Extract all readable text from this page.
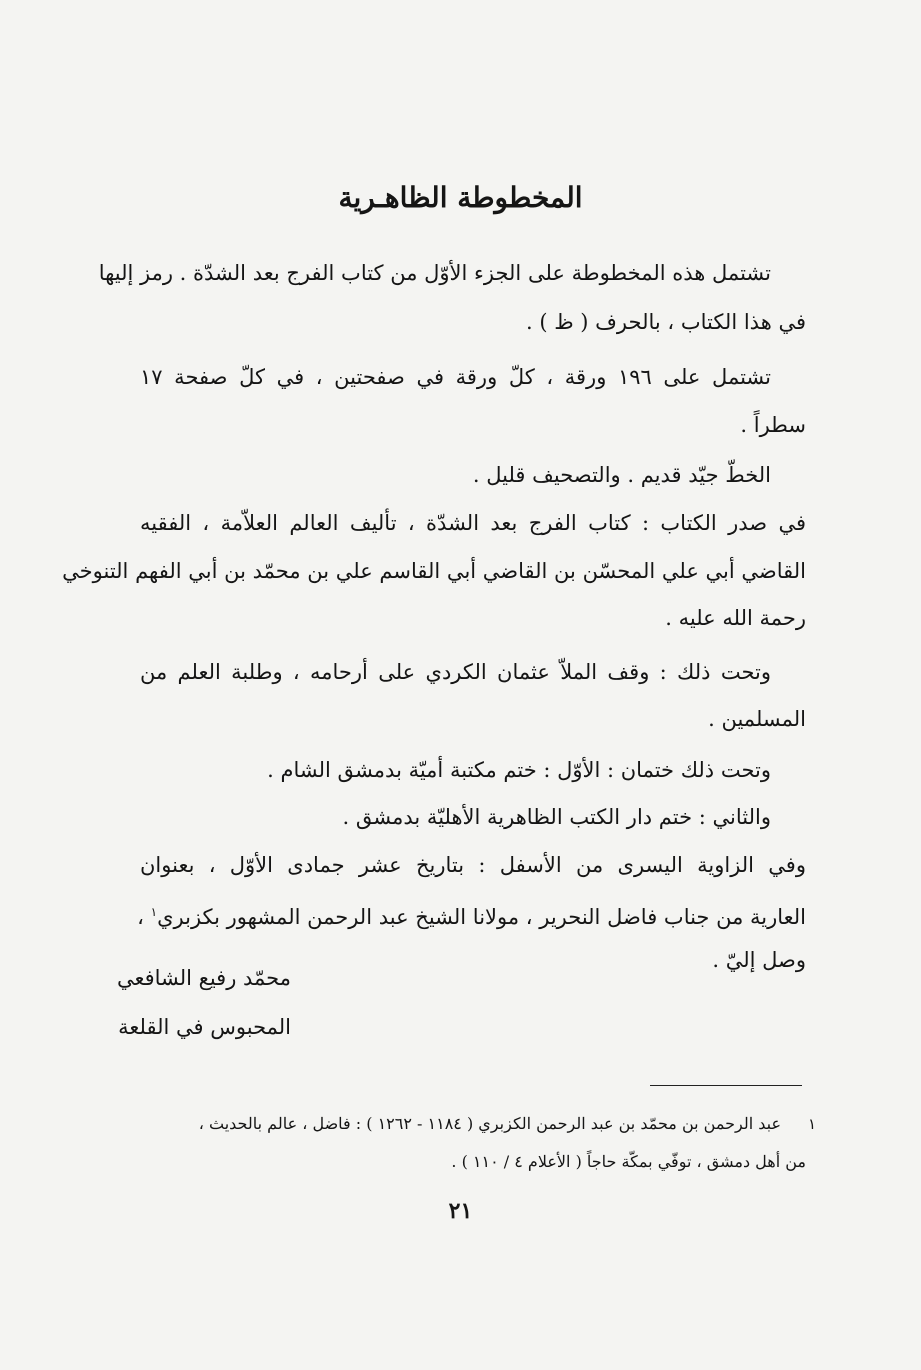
المخطوطة الظاهـرية
تشتمل هذه المخطوطة على الجزء الأوّل من كتاب الفرج بعد الشدّة . رمز إليها
في هذا الكتاب ، بالحرف ( ظ ) .
تشتمل على ١٩٦ ورقة ، كلّ ورقة في صفحتين ، في كلّ صفحة ١٧
سطراً .
الخطّ جيّد قديم . والتصحيف قليل .
في صدر الكتاب : كتاب الفرج بعد الشدّة ، تأليف العالم العلاّمة ، الفقيه
القاضي أبي علي المحسّن بن القاضي أبي القاسم علي بن محمّد بن أبي الفهم التنوخي
رحمة الله عليه .
وتحت ذلك : وقف الملاّ عثمان الكردي على أرحامه ، وطلبة العلم من
المسلمين .
وتحت ذلك ختمان : الأوّل : ختم مكتبة أميّة بدمشق الشام .
والثاني : ختم دار الكتب الظاهرية الأهليّة بدمشق .
وفي الزاوية اليسرى من الأسفل : بتاريخ عشر جمادى الأوّل ، بعنوان
العارية من جناب فاضل النحرير ، مولانا الشيخ عبد الرحمن المشهور بكزبري$^١$ ،
وصل إليّ .
محمّد رفيع الشافعي
المحبوس في القلعة
١
عبد الرحمن بن محمّد بن عبد الرحمن الكزبري ( ١١٨٤ - ١٢٦٢ ) : فاضل ، عالم بالحديث ،
من أهل دمشق ، توفّي بمكّة حاجاً ( الأعلام ٤ / ١١٠ ) .
٢١
